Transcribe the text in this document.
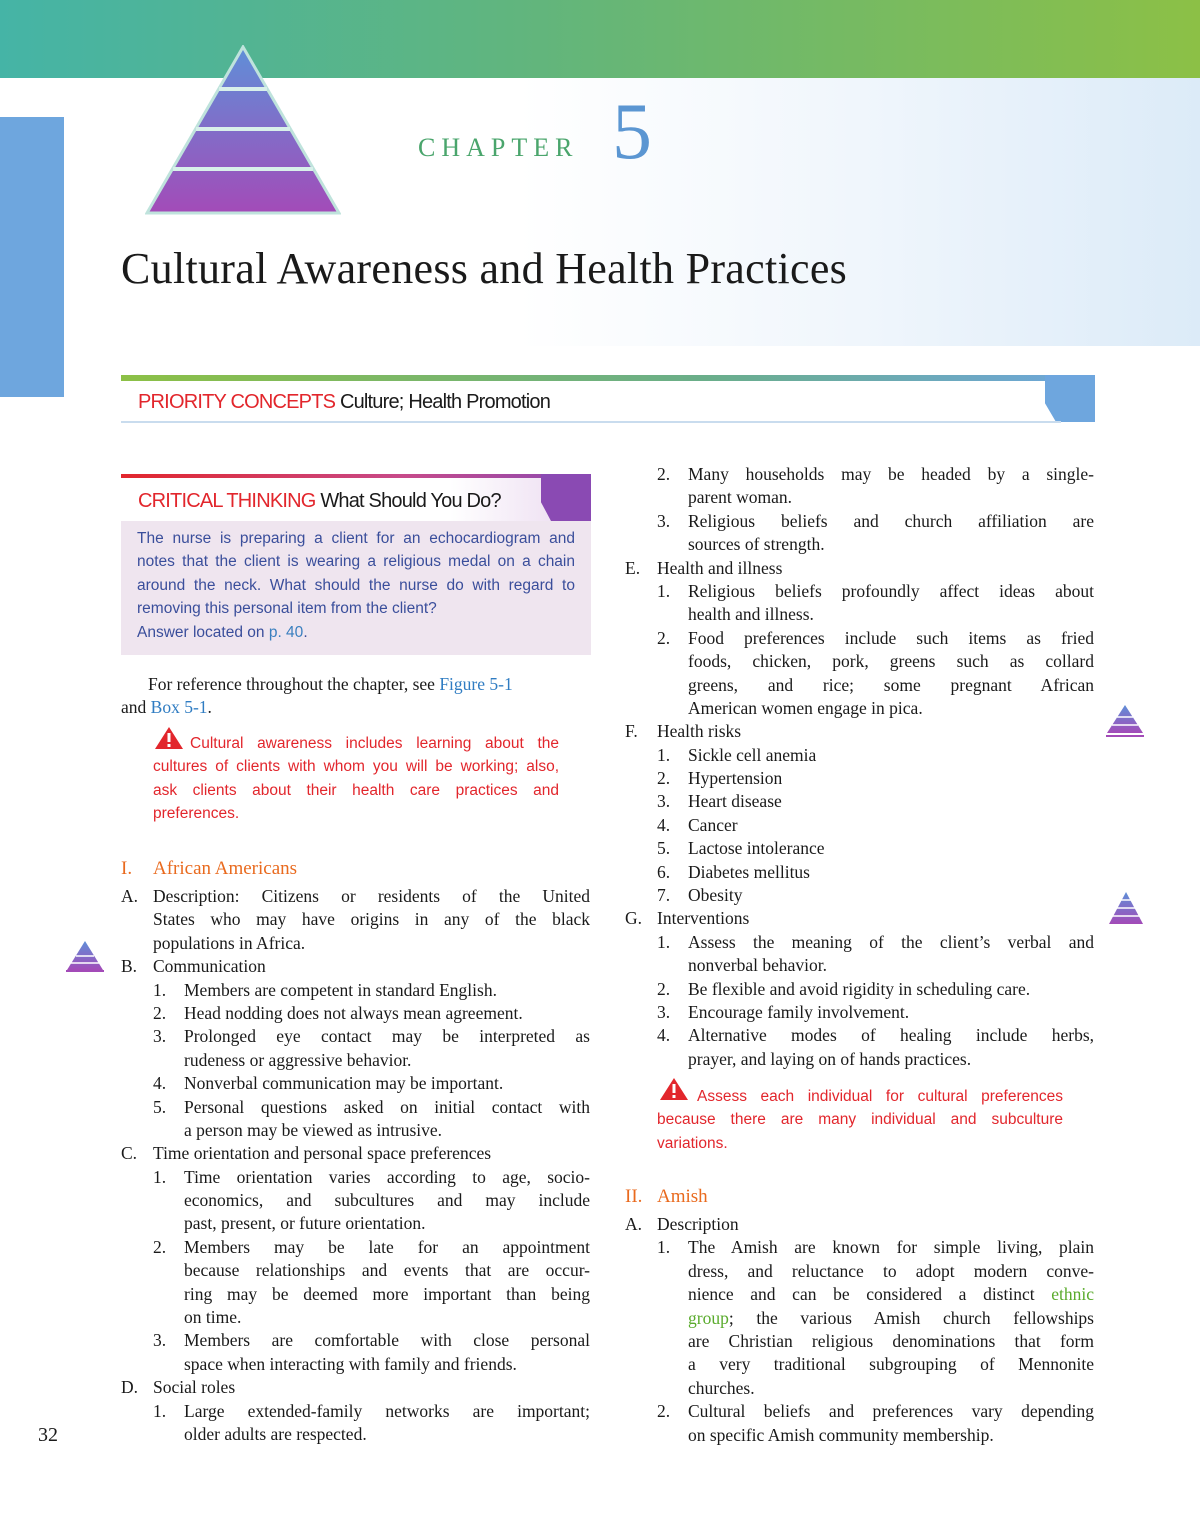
CHAPTER 5
Cultural Awareness and Health Practices
PRIORITY CONCEPTS Culture; Health Promotion
CRITICAL THINKING What Should You Do?
The nurse is preparing a client for an echocardiogram and
notes that the client is wearing a religious medal on a chain
around the neck. What should the nurse do with regard to
removing this personal item from the client?
Answer located on p. 40.
For reference throughout the chapter, see Figure 5-1
and Box 5-1.
Cultural awareness includes learning about the
cultures of clients with whom you will be working; also,
ask clients about their health care practices and
preferences.
I. African Americans
A. Description: Citizens or residents of the United
States who may have origins in any of the black
populations in Africa.
B. Communication
1. Members are competent in standard English.
2. Head nodding does not always mean agreement.
3. Prolonged eye contact may be interpreted as
rudeness or aggressive behavior.
4. Nonverbal communication may be important.
5. Personal questions asked on initial contact with
a person may be viewed as intrusive.
C. Time orientation and personal space preferences
1. Time orientation varies according to age, socio-
economics, and subcultures and may include
past, present, or future orientation.
2. Members may be late for an appointment
because relationships and events that are occur-
ring may be deemed more important than being
on time.
3. Members are comfortable with close personal
space when interacting with family and friends.
D. Social roles
1. Large extended-family networks are important;
older adults are respected.
2. Many households may be headed by a single-
parent woman.
3. Religious beliefs and church affiliation are
sources of strength.
E. Health and illness
1. Religious beliefs profoundly affect ideas about
health and illness.
2. Food preferences include such items as fried
foods, chicken, pork, greens such as collard
greens, and rice; some pregnant African
American women engage in pica.
F. Health risks
1. Sickle cell anemia
2. Hypertension
3. Heart disease
4. Cancer
5. Lactose intolerance
6. Diabetes mellitus
7. Obesity
G. Interventions
1. Assess the meaning of the client’s verbal and
nonverbal behavior.
2. Be flexible and avoid rigidity in scheduling care.
3. Encourage family involvement.
4. Alternative modes of healing include herbs,
prayer, and laying on of hands practices.
Assess each individual for cultural preferences
because there are many individual and subculture
variations.
II. Amish
A. Description
1. The Amish are known for simple living, plain
dress, and reluctance to adopt modern conve-
nience and can be considered a distinct ethnic
group; the various Amish church fellowships
are Christian religious denominations that form
a very traditional subgrouping of Mennonite
churches.
2. Cultural beliefs and preferences vary depending
on specific Amish community membership.
32
